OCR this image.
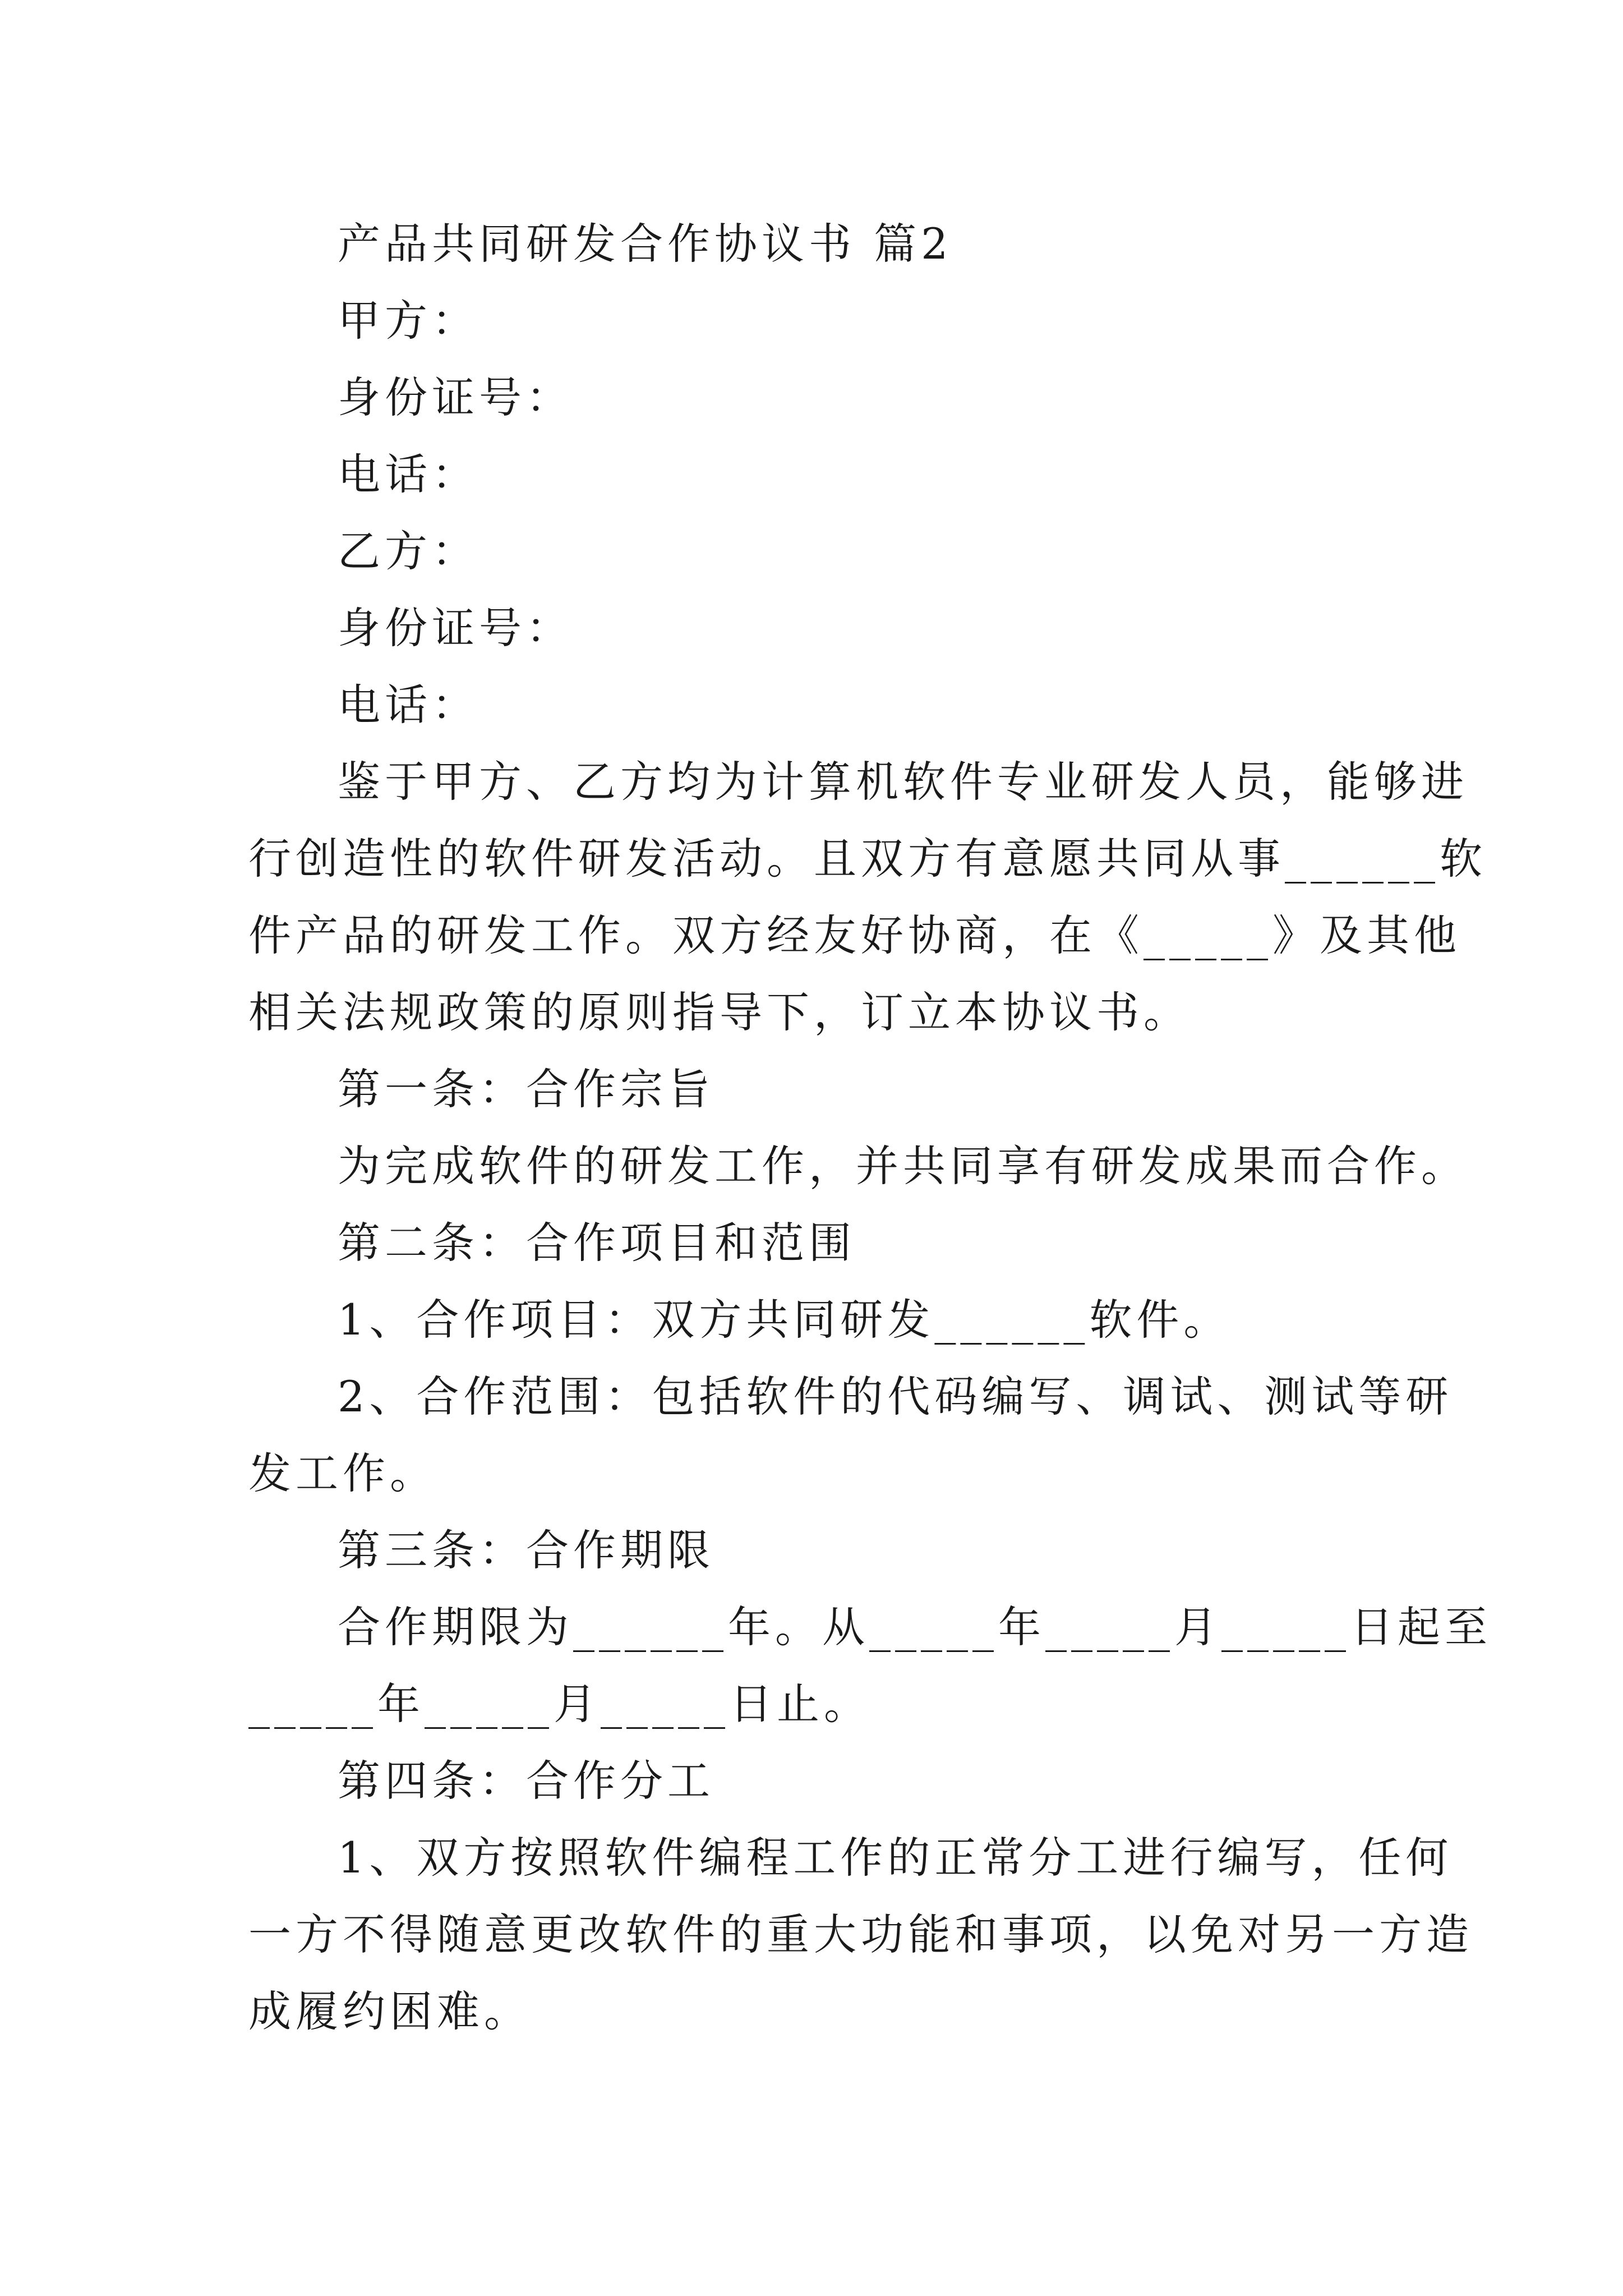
产品共同研发合作协议书 篇2
甲方：
身份证号：
电话：
乙方：
身份证号：
电话：
鉴于甲方、乙方均为计算机软件专业研发人员，能够进
行创造性的软件研发活动。且双方有意愿共同从事______软
件产品的研发工作。双方经友好协商，在《_____》及其他
相关法规政策的原则指导下，订立本协议书。
第一条：合作宗旨
为完成软件的研发工作，并共同享有研发成果而合作。
第二条：合作项目和范围
1、合作项目：双方共同研发______软件。
2、合作范围：包括软件的代码编写、调试、测试等研
发工作。
第三条：合作期限
合作期限为______年。从_____年_____月_____日起至
_____年_____月_____日止。
第四条：合作分工
1、双方按照软件编程工作的正常分工进行编写，任何
一方不得随意更改软件的重大功能和事项，以免对另一方造
成履约困难。
